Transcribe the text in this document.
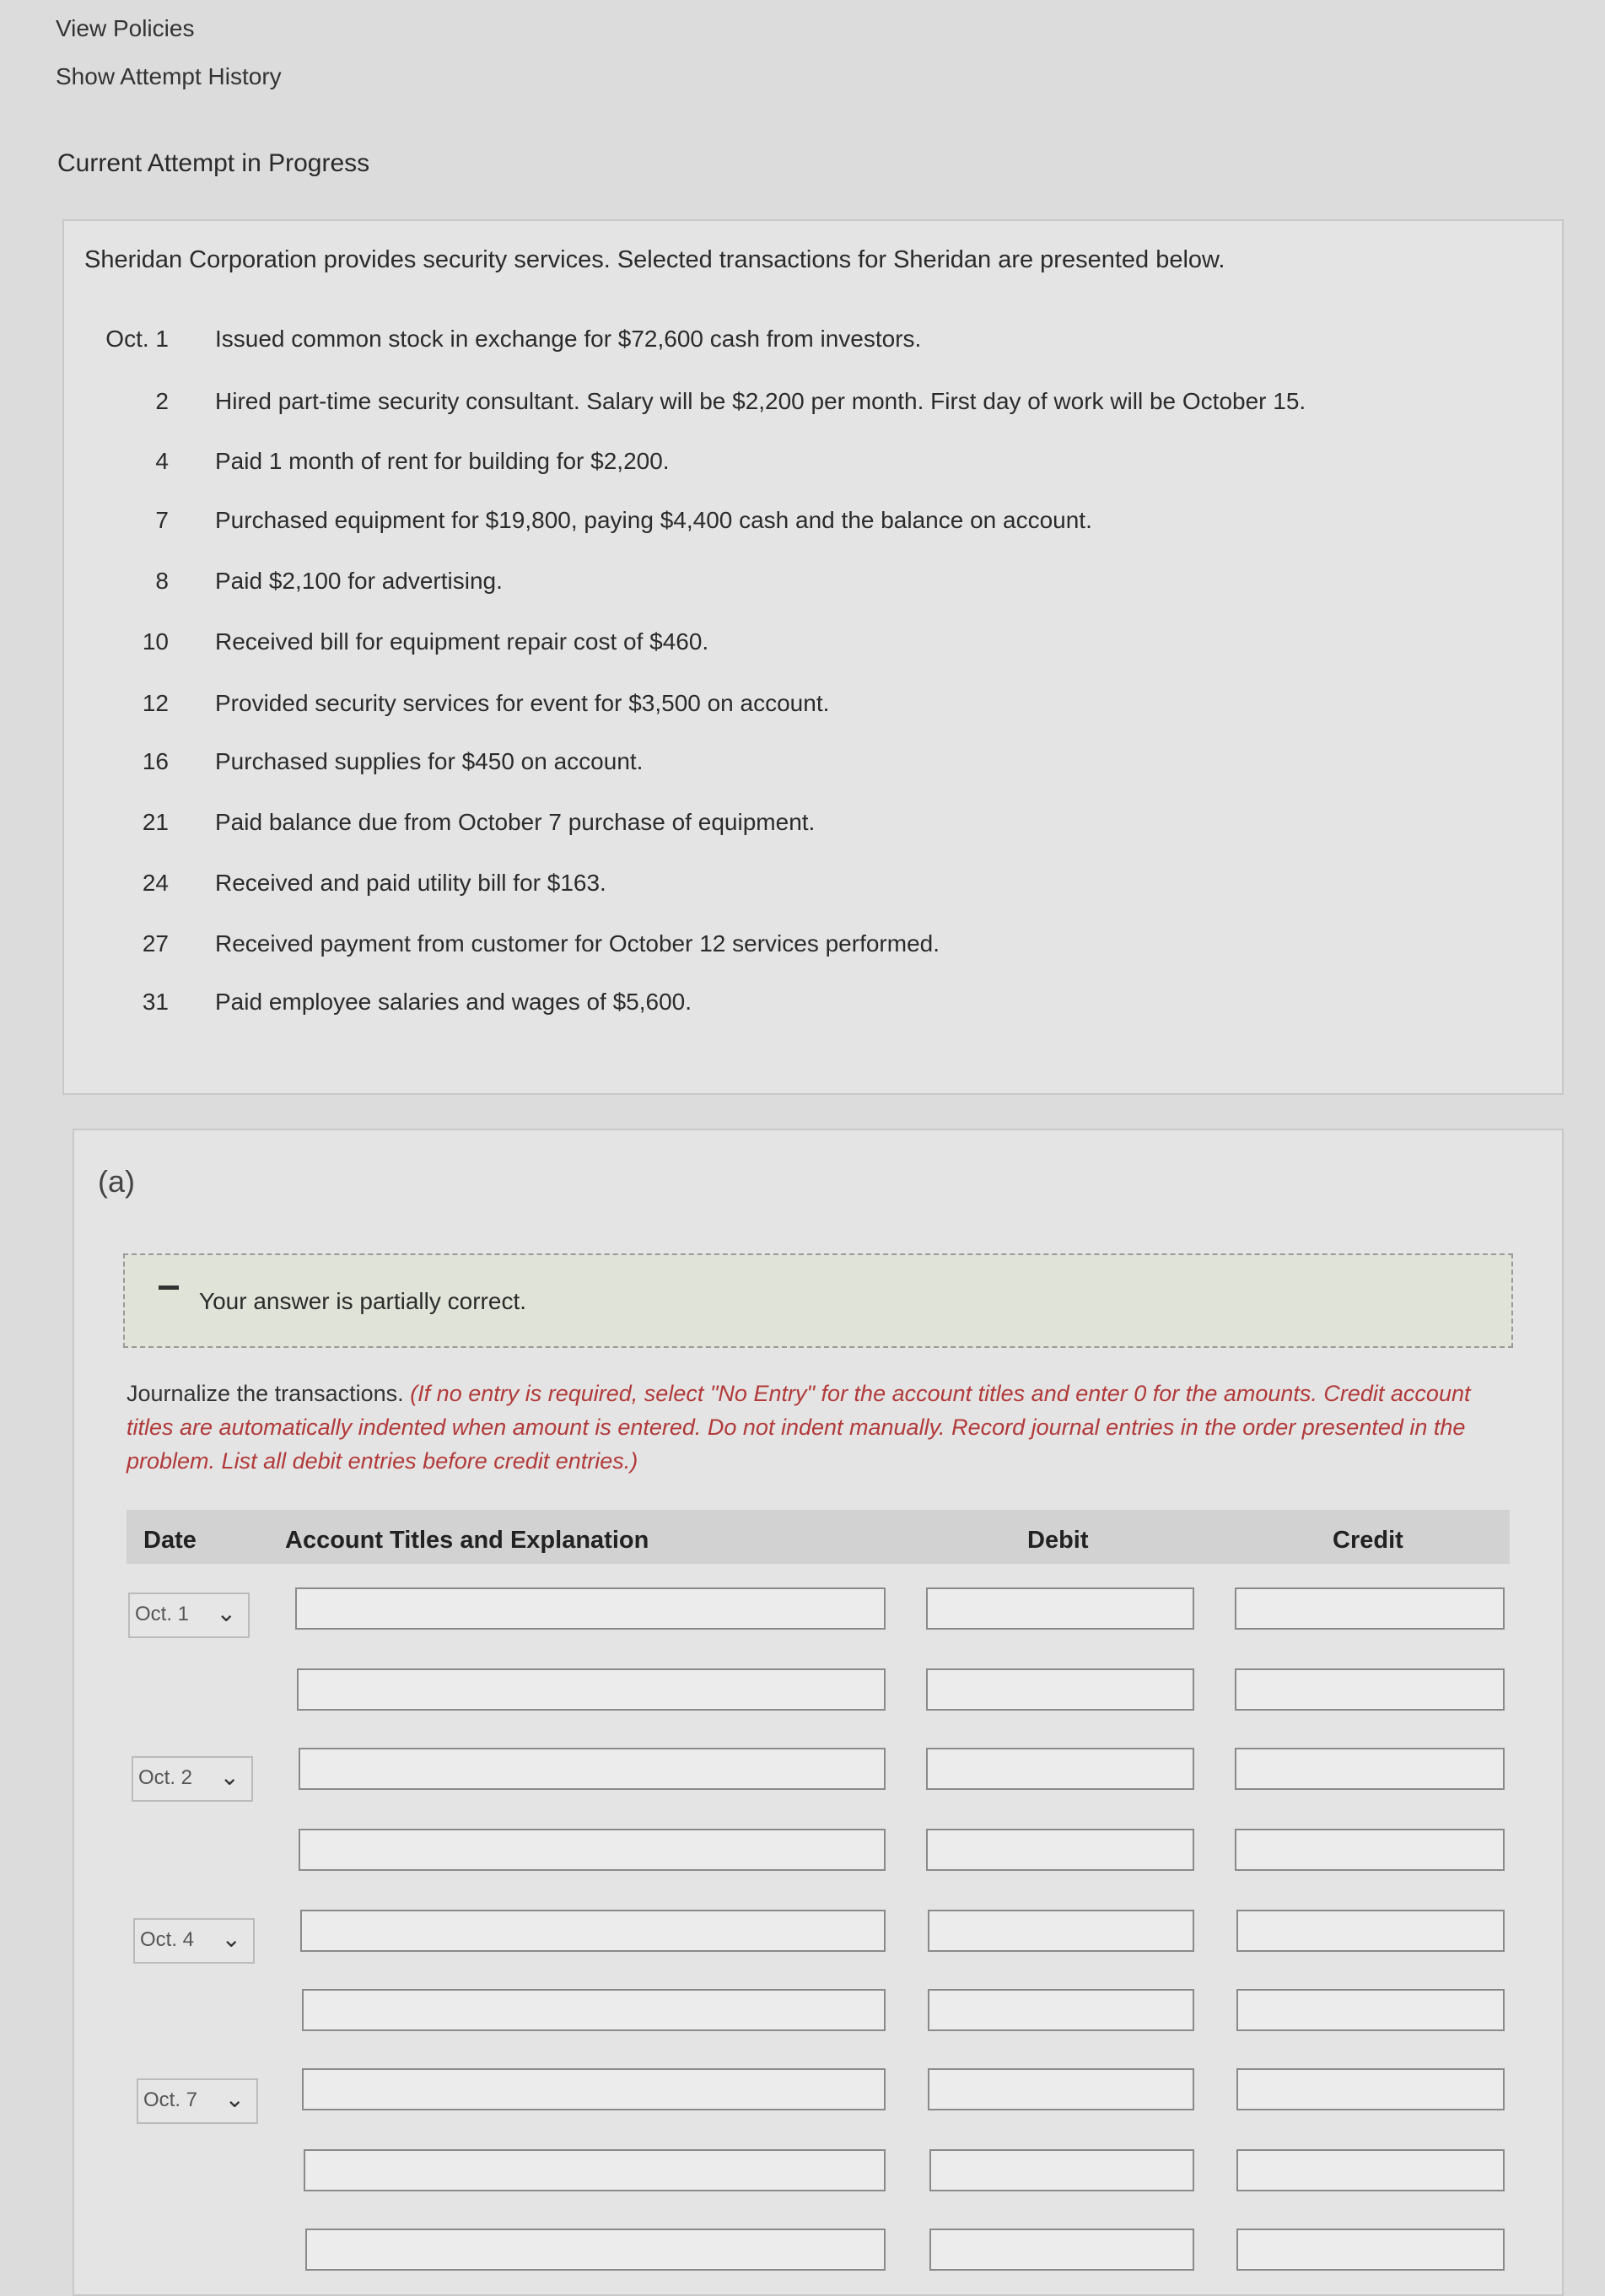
View Policies
Show Attempt History
Current Attempt in Progress
Sheridan Corporation provides security services. Selected transactions for Sheridan are presented below.
Oct. 1 Issued common stock in exchange for $72,600 cash from investors.
2 Hired part-time security consultant. Salary will be $2,200 per month. First day of work will be October 15.
4 Paid 1 month of rent for building for $2,200.
7 Purchased equipment for $19,800, paying $4,400 cash and the balance on account.
8 Paid $2,100 for advertising.
10 Received bill for equipment repair cost of $460.
12 Provided security services for event for $3,500 on account.
16 Purchased supplies for $450 on account.
21 Paid balance due from October 7 purchase of equipment.
24 Received and paid utility bill for $163.
27 Received payment from customer for October 12 services performed.
31 Paid employee salaries and wages of $5,600.
(a)
Your answer is partially correct.
Journalize the transactions. (If no entry is required, select "No Entry" for the account titles and enter 0 for the amounts. Credit account titles are automatically indented when amount is entered. Do not indent manually. Record journal entries in the order presented in the problem. List all debit entries before credit entries.)
Date	Account Titles and Explanation	Debit	Credit
Oct. 1 ⌄
Oct. 2 ⌄
Oct. 4 ⌄
Oct. 7 ⌄
